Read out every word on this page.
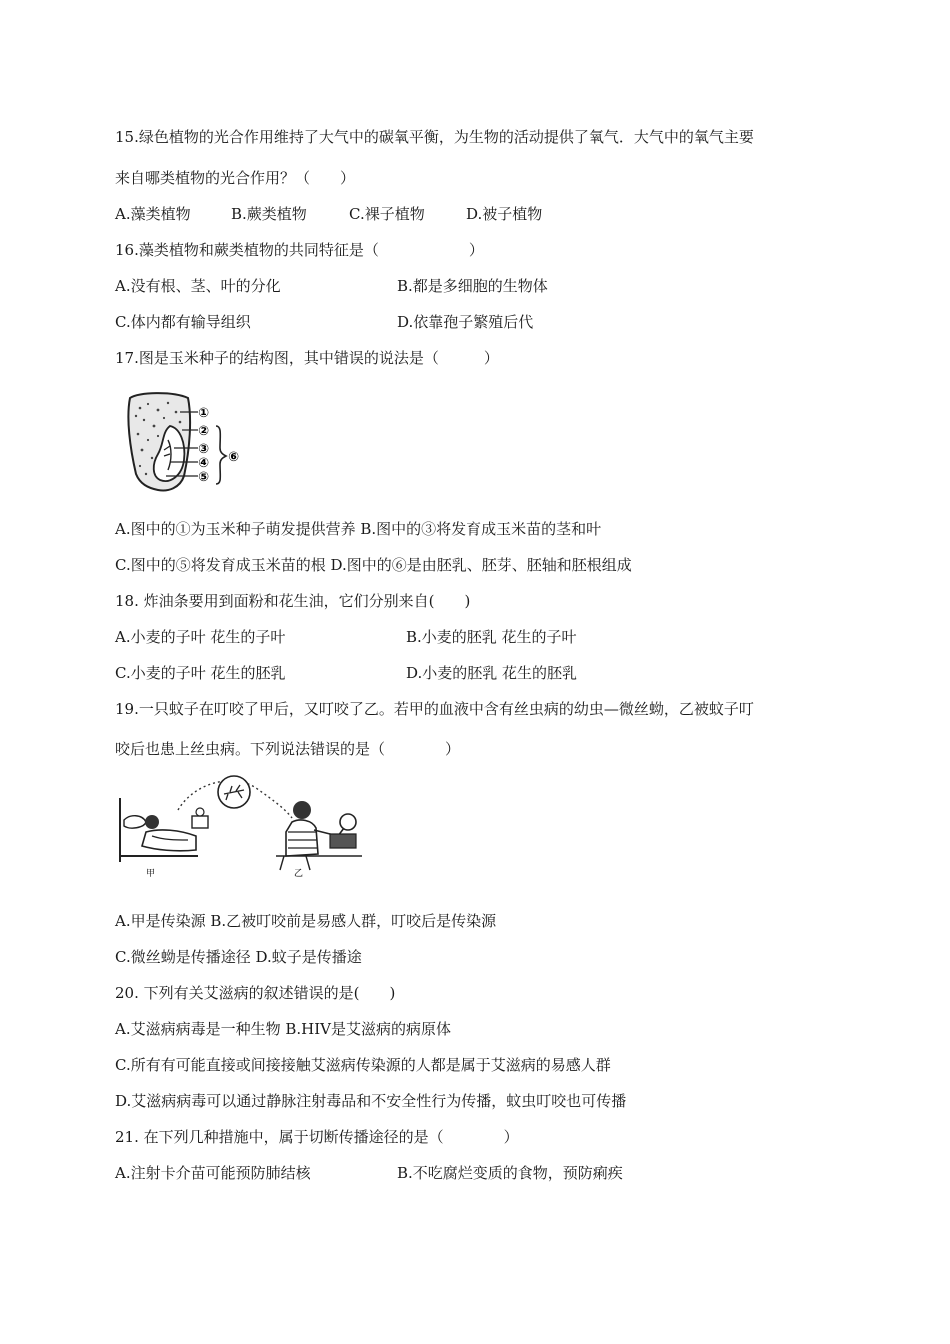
15.绿色植物的光合作用维持了大气中的碳氧平衡，为生物的活动提供了氧气．大气中的氧气主要
来自哪类植物的光合作用？（　　）
A.藻类植物	B.蕨类植物	C.裸子植物	D.被子植物
16.藻类植物和蕨类植物的共同特征是（　　　　　　）
A.没有根、茎、叶的分化	B.都是多细胞的生物体
C.体内都有输导组织	D.依靠孢子繁殖后代
17.图是玉米种子的结构图，其中错误的说法是（　　　）
①
②
③
④
⑤
⑥
A.图中的①为玉米种子萌发提供营养 B.图中的③将发育成玉米苗的茎和叶
C.图中的⑤将发育成玉米苗的根 D.图中的⑥是由胚乳、胚芽、胚轴和胚根组成
18. 炸油条要用到面粉和花生油，它们分别来自(　　)
A.小麦的子叶 花生的子叶	B.小麦的胚乳 花生的子叶
C.小麦的子叶 花生的胚乳	D.小麦的胚乳 花生的胚乳
19.一只蚊子在叮咬了甲后，又叮咬了乙。若甲的血液中含有丝虫病的幼虫—微丝蚴，乙被蚊子叮
咬后也患上丝虫病。下列说法错误的是（　　　　）
甲	乙
A.甲是传染源 B.乙被叮咬前是易感人群，叮咬后是传染源
C.微丝蚴是传播途径 D.蚊子是传播途
20. 下列有关艾滋病的叙述错误的是(　　)
A.艾滋病病毒是一种生物 B.HIV是艾滋病的病原体
C.所有有可能直接或间接接触艾滋病传染源的人都是属于艾滋病的易感人群
D.艾滋病病毒可以通过静脉注射毒品和不安全性行为传播，蚊虫叮咬也可传播
21. 在下列几种措施中，属于切断传播途径的是（　　　　）
A.注射卡介苗可能预防肺结核	B.不吃腐烂变质的食物，预防痢疾
